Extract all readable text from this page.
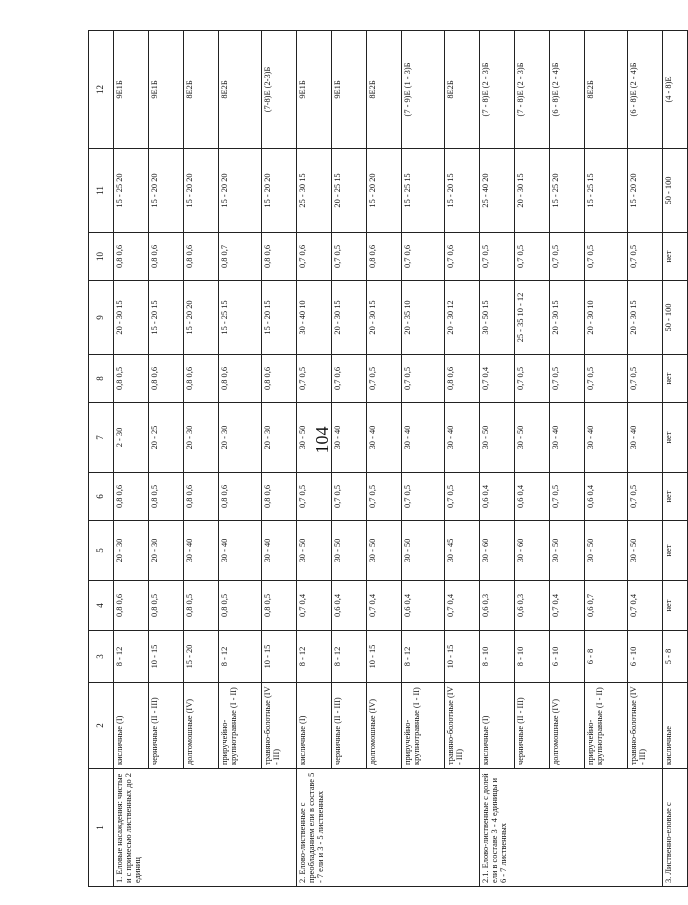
104
1	2	3	4	5	6	7	8	9	10	11	12
1. Еловые насаждения: чистые и с примесью лиственных до 2 единиц	кисличные (I)	8 - 12	0,8 0,6	20 - 30	0,8 0,6	2 - 30	0,8 0,5	20 - 30 15	0,8 0,6	15 - 25 20	9Е1Б
	черничные (II - III)	10 - 15	0,8 0,5	20 - 30	0,8 0,5	20 - 25	0,8 0,6	15 - 20 15	0,8 0,6	15 - 20 20	9Е1Б
	долгомошные (IV)	15 - 20	0,8 0,5	30 - 40	0,8 0,6	20 - 30	0,8 0,6	15 - 20 20	0,8 0,6	15 - 20 20	8Е2Б
	приручейно-крупнотравные (I - II)	8 - 12	0,8 0,5	30 - 40	0,8 0,6	20 - 30	0,8 0,6	15 - 25 15	0,8 0,7	15 - 20 20	8Е2Б
	травяно-болотные (IV - III)	10 - 15	0,8 0,5	30 - 40	0,8 0,6	20 - 30	0,8 0,6	15 - 20 15	0,8 0,6	15 - 20 20	(7-8)Е (2-3)Б
2. Елово-лиственные с преобладанием ели в составе 5 - 7 ели и 3 - 5 лиственных	кисличные (I)	8 - 12	0,7 0,4	30 - 50	0,7 0,5	30 - 50	0,7 0,5	30 - 40 10	0,7 0,6	25 - 30 15	9Е1Б
	черничные (II - III)	8 - 12	0,6 0,4	30 - 50	0,7 0,5	30 - 40	0,7 0,6	20 - 30 15	0,7 0,5	20 - 25 15	9Е1Б
	долгомошные (IV)	10 - 15	0,7 0,4	30 - 50	0,7 0,5	30 - 40	0,7 0,5	20 - 30 15	0,8 0,6	15 - 20 20	8Е2Б
	приручейно-крупнотравные (I - II)	8 - 12	0,6 0,4	30 - 50	0,7 0,5	30 - 40	0,7 0,5	20 - 35 10	0,7 0,6	15 - 25 15	(7 - 9)Е (1 - 3)Б
	травяно-болотные (IV - III)	10 - 15	0,7 0,4	30 - 45	0,7 0,5	30 - 40	0,8 0,6	20 - 30 12	0,7 0,6	15 - 20 15	8Е2Б
2.1. Елово-лиственные с долей ели в составе 3 - 4 единицы и 6 - 7 лиственных	кисличные (I)	8 - 10	0,6 0,3	30 - 60	0,6 0,4	30 - 50	0,7 0,4	30 - 50 15	0,7 0,5	25 - 40 20	(7 - 8)Е (2 - 3)Б
	черничные (II - III)	8 - 10	0,6 0,3	30 - 60	0,6 0,4	30 - 50	0,7 0,5	25 - 35 10 - 12	0,7 0,5	20 - 30 15	(7 - 8)Е (2 - 3)Б
	долгомошные (IV)	6 - 10	0,7 0,4	30 - 50	0,7 0,5	30 - 40	0,7 0,5	20 - 30 15	0,7 0,5	15 - 25 20	(6 - 8)Е (2 - 4)Б
	приручейно-крупнотравные (I - II)	6 - 8	0,6 0,7	30 - 50	0,6 0,4	30 - 40	0,7 0,5	20 - 30 10	0,7 0,5	15 - 25 15	8Е2Б
	травяно-болотные (IV - III)	6 - 10	0,7 0,4	30 - 50	0,7 0,5	30 - 40	0,7 0,5	20 - 30 15	0,7 0,5	15 - 20 20	(6 - 8)Е (2 - 4)Б
3. Лиственно-еловые с	кисличные	5 - 8	нет	нет	нет	нет	нет	50 - 100	нет	50 - 100	(4 - 8)Е
